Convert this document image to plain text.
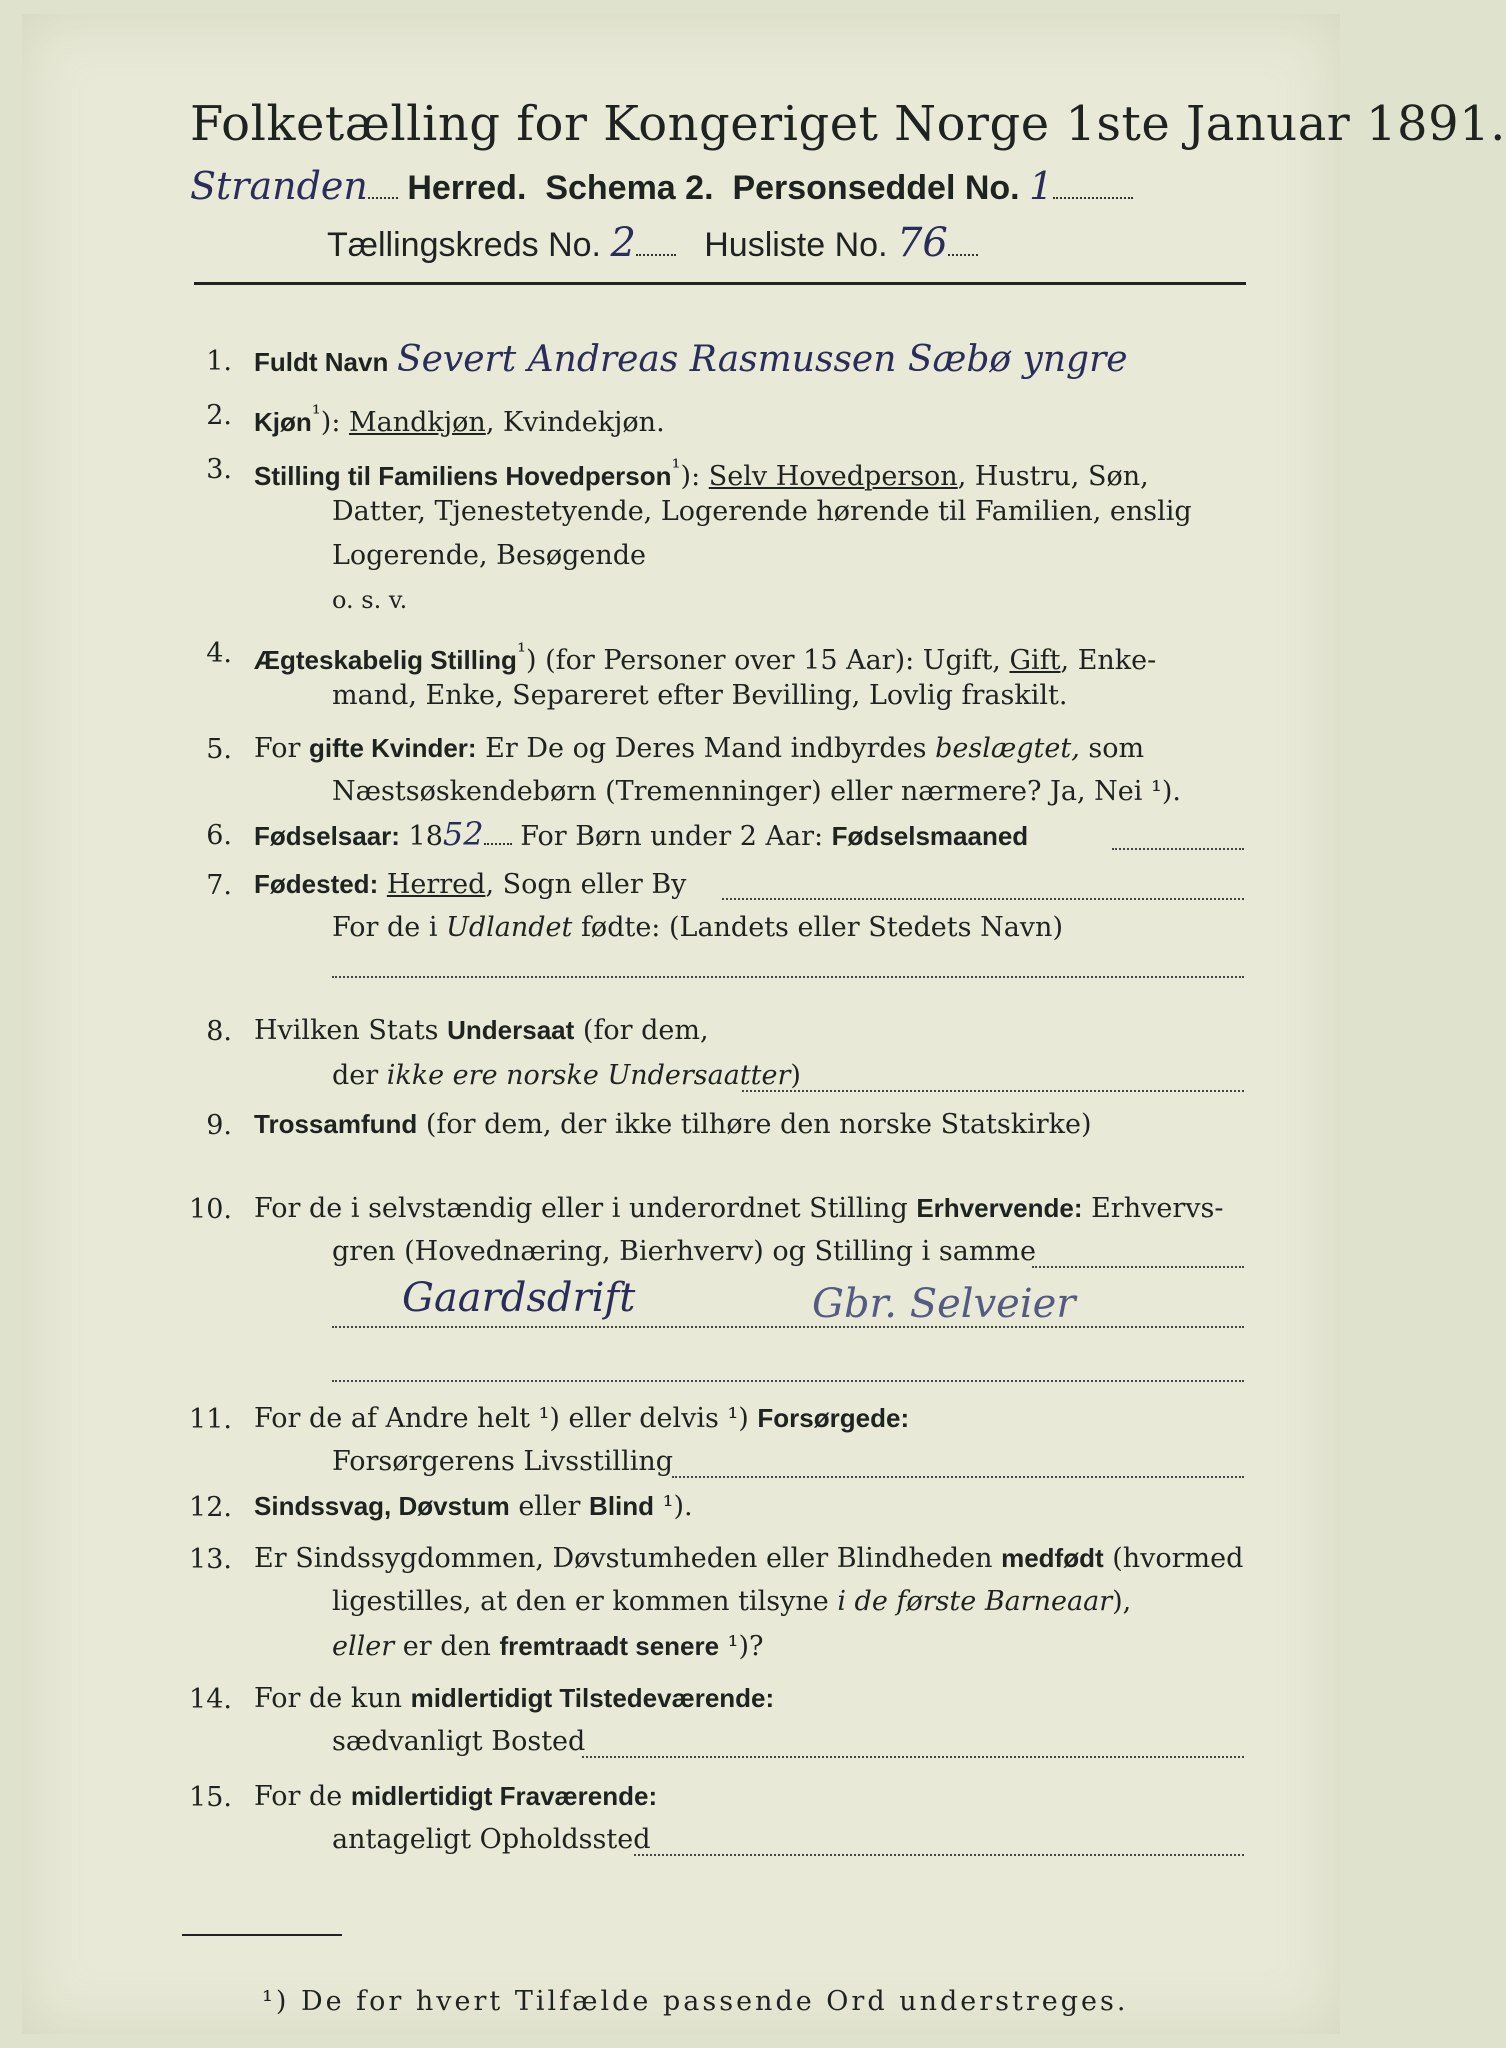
Folketælling for Kongeriget Norge 1ste Januar 1891.
Stranden Herred. Schema 2. Personseddel No. 1
Tællingskreds No. 2 Husliste No. 76
1. Fuldt Navn Severt Andreas Rasmussen Sæbø yngre
2. Kjøn$^{^1}$): Mandkjøn, Kvindekjøn.
3. Stilling til Familiens Hovedperson$^{^1}$): Selv Hovedperson, Hustru, Søn,
Datter, Tjenestetyende, Logerende hørende til Familien, enslig
Logerende, Besøgende
o. s. v.
4. Ægteskabelig Stilling$^{^1}$) (for Personer over 15 Aar): Ugift, Gift, Enke-
mand, Enke, Separeret efter Bevilling, Lovlig fraskilt.
5. For gifte Kvinder: Er De og Deres Mand indbyrdes beslægtet, som
Næstsøskendebørn (Tremenninger) eller nærmere? Ja, Nei ¹).
6. Fødselsaar: 1852 For Børn under 2 Aar: Fødselsmaaned
7. Fødested: Herred, Sogn eller By
For de i Udlandet fødte: (Landets eller Stedets Navn)
8. Hvilken Stats Undersaat (for dem,
der ikke ere norske Undersaatter)
9. Trossamfund (for dem, der ikke tilhøre den norske Statskirke)
10. For de i selvstændig eller i underordnet Stilling Erhvervende: Erhvervs-
gren (Hovednæring, Bierhverv) og Stilling i samme
Gaardsdrift	Gbr. Selveier
11. For de af Andre helt ¹) eller delvis ¹) Forsørgede:
Forsørgerens Livsstilling
12. Sindssvag, Døvstum eller Blind ¹).
13. Er Sindssygdommen, Døvstumheden eller Blindheden medfødt (hvormed
ligestilles, at den er kommen tilsyne i de første Barneaar),
eller er den fremtraadt senere ¹)?
14. For de kun midlertidigt Tilstedeværende:
sædvanligt Bosted
15. For de midlertidigt Fraværende:
antageligt Opholdssted
¹) De for hvert Tilfælde passende Ord understreges.
